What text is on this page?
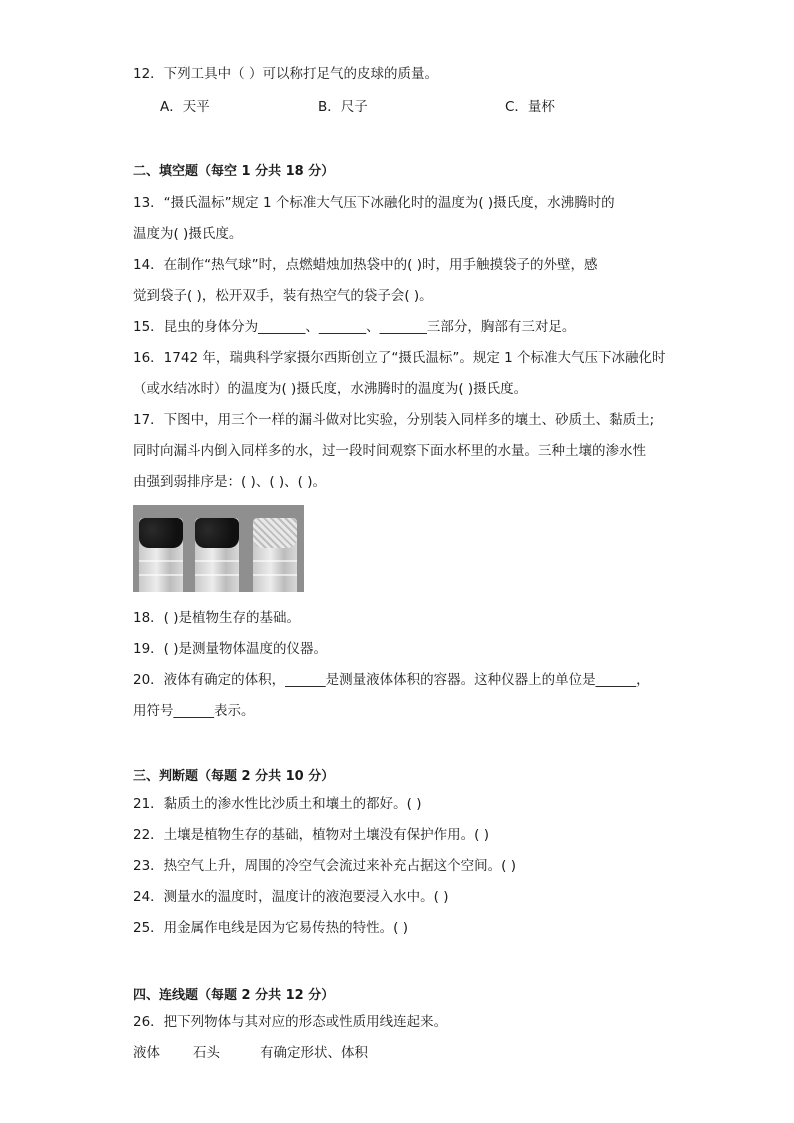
12．下列工具中（ ）可以称打足气的皮球的质量。
A．天平	B．尺子	C．量杯
二、填空题（每空 1 分共 18 分）
13．“摄氏温标”规定 1 个标准大气压下冰融化时的温度为( )摄氏度，水沸腾时的
温度为( )摄氏度。
14．在制作“热气球”时，点燃蜡烛加热袋中的( )时，用手触摸袋子的外壁，感
觉到袋子( )，松开双手，装有热空气的袋子会( )。
15．昆虫的身体分为_______、_______、_______三部分，胸部有三对足。
16．1742 年，瑞典科学家摄尔西斯创立了“摄氏温标”。规定 1 个标准大气压下冰融化时
（或水结冰时）的温度为( )摄氏度，水沸腾时的温度为( )摄氏度。
17．下图中，用三个一样的漏斗做对比实验，分别装入同样多的壤土、砂质土、黏质土;
同时向漏斗内倒入同样多的水，过一段时间观察下面水杯里的水量。三种土壤的渗水性
由强到弱排序是：( )、( )、( )。
18．( )是植物生存的基础。
19．( )是测量物体温度的仪器。
20．液体有确定的体积，______是测量液体体积的容器。这种仪器上的单位是______，
用符号______表示。
三、判断题（每题 2 分共 10 分）
21．黏质土的渗水性比沙质土和壤土的都好。( )
22．土壤是植物生存的基础，植物对土壤没有保护作用。( )
23．热空气上升，周围的冷空气会流过来补充占据这个空间。( )
24．测量水的温度时，温度计的液泡要浸入水中。( )
25．用金属作电线是因为它易传热的特性。( )
四、连线题（每题 2 分共 12 分）
26．把下列物体与其对应的形态或性质用线连起来。
液体 石头	有确定形状、体积
